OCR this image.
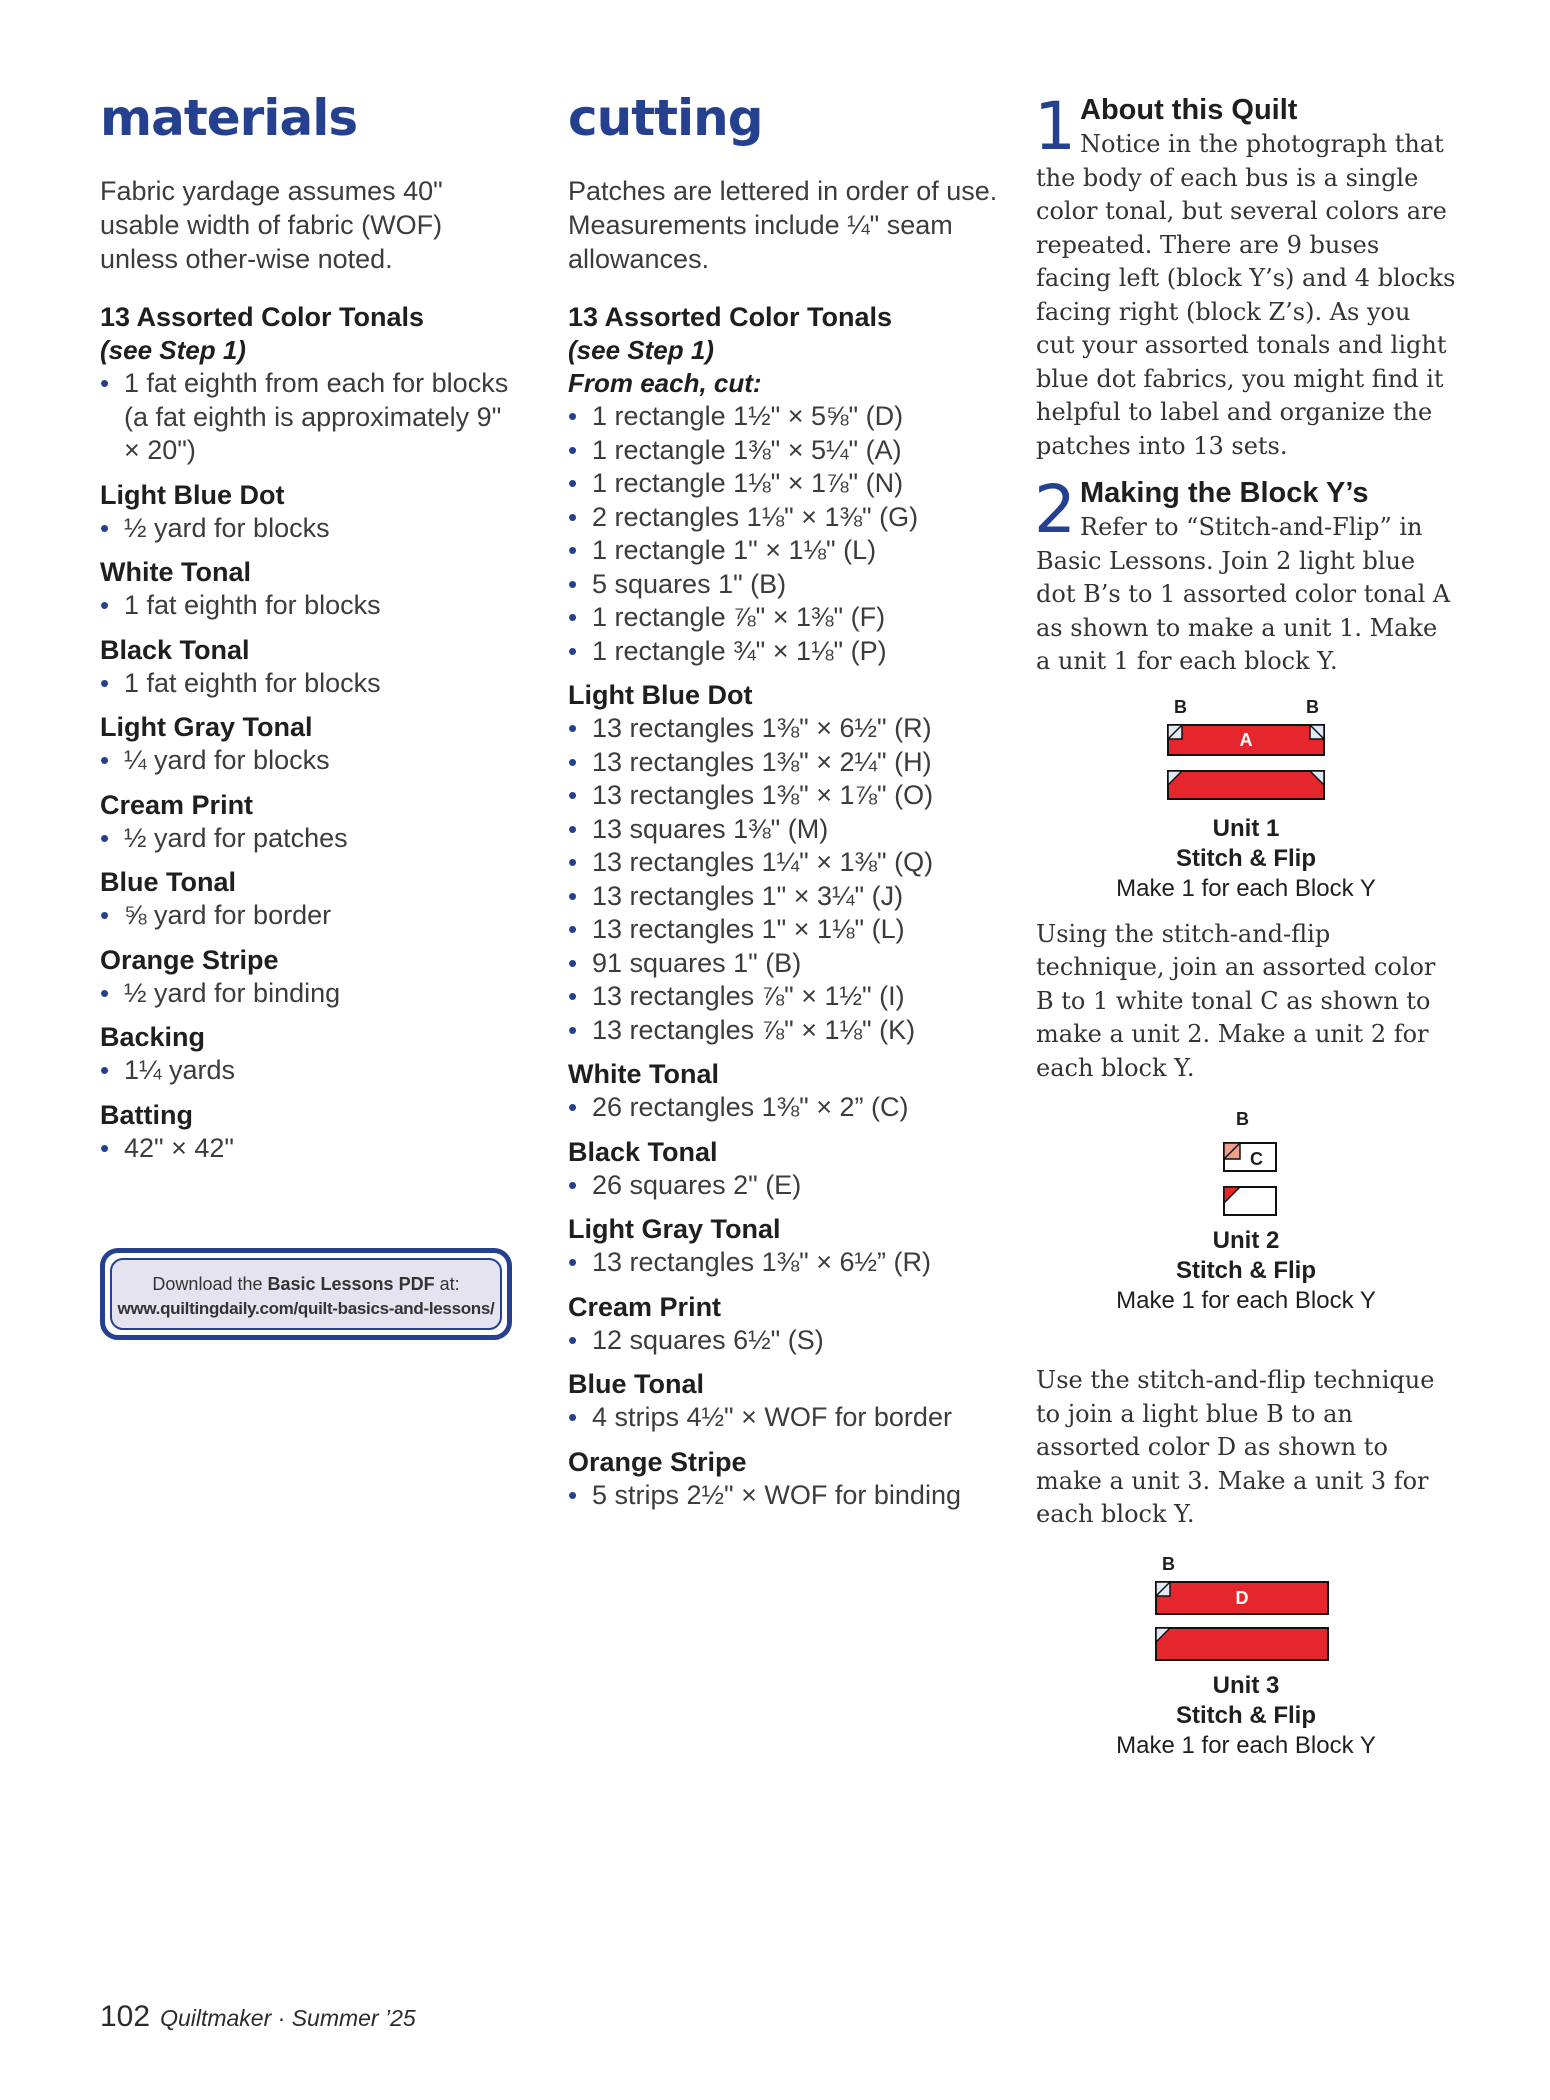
materials

Fabric yardage assumes 40" usable width of fabric (WOF) unless other-wise noted.

13 Assorted Color Tonals
(see Step 1)
• 1 fat eighth from each for blocks (a fat eighth is approximately 9" × 20")
Light Blue Dot
• ½ yard for blocks
White Tonal
• 1 fat eighth for blocks
Black Tonal
• 1 fat eighth for blocks
Light Gray Tonal
• ¼ yard for blocks
Cream Print
• ½ yard for patches
Blue Tonal
• ⅝ yard for border
Orange Stripe
• ½ yard for binding
Backing
• 1¼ yards
Batting
• 42" × 42"
Download the Basic Lessons PDF at:
www.quiltingdaily.com/quilt-basics-and-lessons/
cutting

Patches are lettered in order of use. Measurements include ¼" seam allowances.

13 Assorted Color Tonals
(see Step 1)
From each, cut:
• 1 rectangle 1½" × 5⅝" (D)
• 1 rectangle 1⅜" × 5¼" (A)
• 1 rectangle 1⅛" × 1⅞" (N)
• 2 rectangles 1⅛" × 1⅜" (G)
• 1 rectangle 1" × 1⅛" (L)
• 5 squares 1" (B)
• 1 rectangle ⅞" × 1⅜" (F)
• 1 rectangle ¾" × 1⅛" (P)
Light Blue Dot
• 13 rectangles 1⅜" × 6½" (R)
• 13 rectangles 1⅜" × 2¼" (H)
• 13 rectangles 1⅜" × 1⅞" (O)
• 13 squares 1⅜" (M)
• 13 rectangles 1¼" × 1⅜" (Q)
• 13 rectangles 1" × 3¼" (J)
• 13 rectangles 1" × 1⅛" (L)
• 91 squares 1" (B)
• 13 rectangles ⅞" × 1½" (I)
• 13 rectangles ⅞" × 1⅛" (K)
White Tonal
• 26 rectangles 1⅜" × 2” (C)
Black Tonal
• 26 squares 2" (E)
Light Gray Tonal
• 13 rectangles 1⅜" × 6½” (R)
Cream Print
• 12 squares 6½" (S)
Blue Tonal
• 4 strips 4½" × WOF for border
Orange Stripe
• 5 strips 2½" × WOF for binding
1 About this Quilt

Notice in the photograph that the body of each bus is a single color tonal, but several colors are repeated. There are 9 buses facing left (block Y’s) and 4 blocks facing right (block Z’s). As you cut your assorted tonals and light blue dot fabrics, you might find it helpful to label and organize the patches into 13 sets.

2 Making the Block Y’s

Refer to “Stitch-and-Flip” in Basic Lessons. Join 2 light blue dot B’s to 1 assorted color tonal A as shown to make a unit 1. Make a unit 1 for each block Y.

B	B
A
Unit 1
Stitch & Flip
Make 1 for each Block Y

Using the stitch-and-flip technique, join an assorted color B to 1 white tonal C as shown to make a unit 2. Make a unit 2 for each block Y.

B
C
Unit 2
Stitch & Flip
Make 1 for each Block Y

Use the stitch-and-flip technique to join a light blue B to an assorted color D as shown to make a unit 3. Make a unit 3 for each block Y.

B
D
Unit 3
Stitch & Flip
Make 1 for each Block Y
102 Quiltmaker · Summer ’25
